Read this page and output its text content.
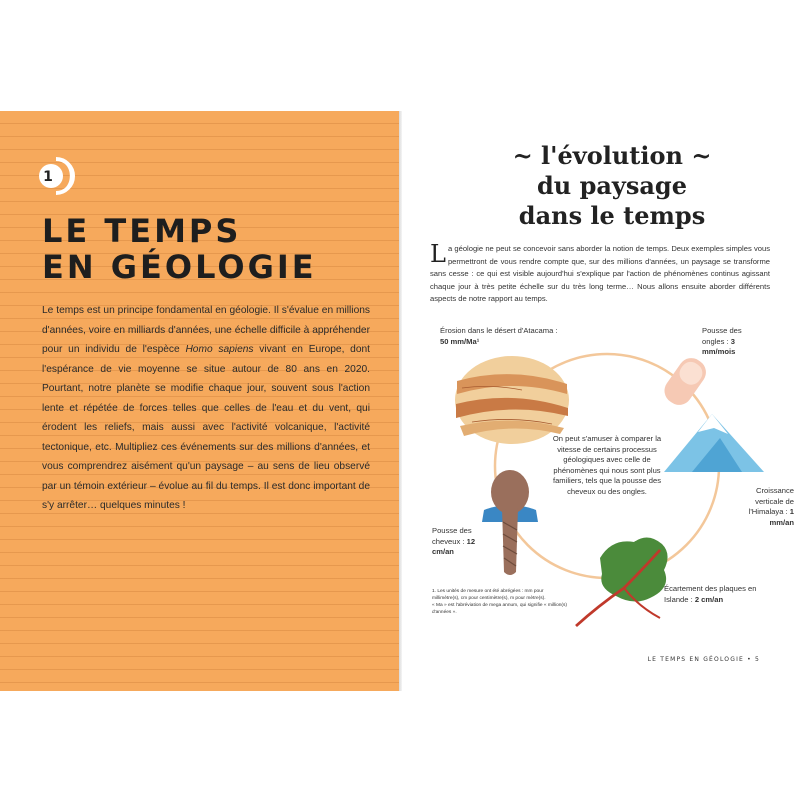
1
LE TEMPS
EN GÉOLOGIE

Le temps est un principe fondamental en géologie. Il s'évalue en millions d'années, voire en milliards d'années, une échelle difficile à appréhender pour un individu de l'espèce Homo sapiens vivant en Europe, dont l'espérance de vie moyenne se situe autour de 80 ans en 2020. Pourtant, notre planète se modifie chaque jour, souvent sous l'action lente et répétée de forces telles que celles de l'eau et du vent, qui érodent les reliefs, mais aussi avec l'activité volcanique, l'activité tectonique, etc. Multipliez ces événements sur des millions d'années, et vous comprendrez aisément qu'un paysage – au sens de lieu observé par un témoin extérieur – évolue au fil du temps. Il est donc important de s'y arrêter… quelques minutes !

~ l'évolution ~
du paysage
dans le temps
La géologie ne peut se concevoir sans aborder la notion de temps. Deux exemples simples vous permettront de vous rendre compte que, sur des millions d'années, un paysage se transforme sans cesse : ce qui est visible aujourd'hui s'explique par l'action de phénomènes continus agissant chaque jour à très petite échelle sur du très long terme… Nous allons ensuite aborder différents aspects de notre rapport au temps.
Érosion dans le désert d'Atacama : 50 mm/Ma¹
Pousse des ongles : 3 mm/mois
On peut s'amuser à comparer la vitesse de certains processus géologiques avec celle de phénomènes qui nous sont plus familiers, tels que la pousse des cheveux ou des ongles.	Croissance verticale de l'Himalaya : 1 mm/an
Pousse des cheveux : 12 cm/an
Écartement des plaques en Islande : 2 cm/an
1. Les unités de mesure ont été abrégées : mm pour millimètre(s), cm pour centimètre(s), m pour mètre(s).
« Ma » est l'abréviation de mega annum, qui signifie « million(s) d'années ».
LE TEMPS EN GÉOLOGIE • 5
